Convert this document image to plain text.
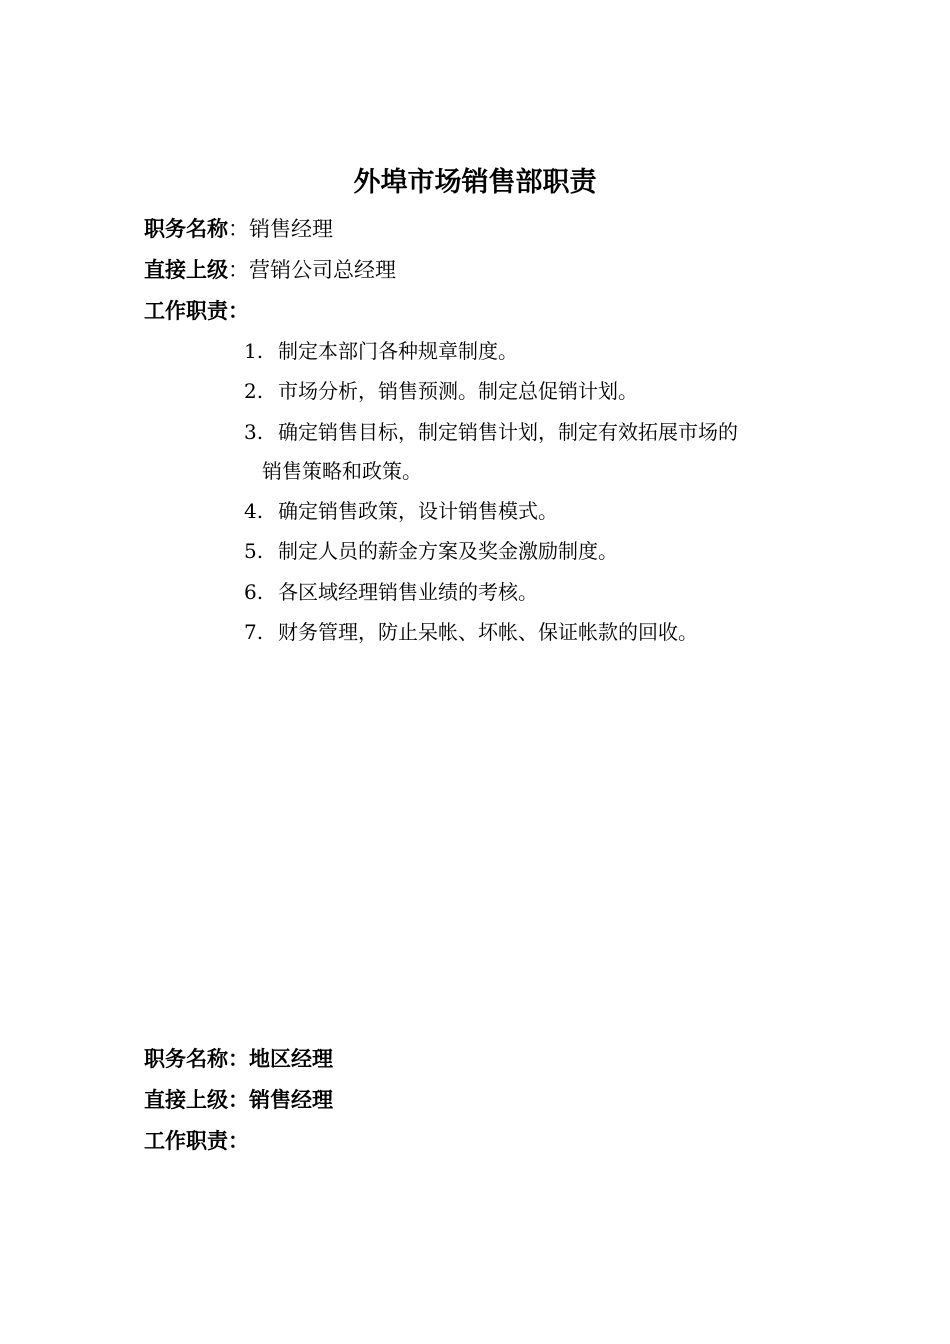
外埠市场销售部职责
职务名称：销售经理
直接上级：营销公司总经理
工作职责：
1. 制定本部门各种规章制度。
2. 市场分析，销售预测。制定总促销计划。
3. 确定销售目标，制定销售计划，制定有效拓展市场的
销售策略和政策。
4. 确定销售政策，设计销售模式。
5. 制定人员的薪金方案及奖金激励制度。
6. 各区域经理销售业绩的考核。
7. 财务管理，防止呆帐、坏帐、保证帐款的回收。
职务名称：地区经理
直接上级：销售经理
工作职责：
